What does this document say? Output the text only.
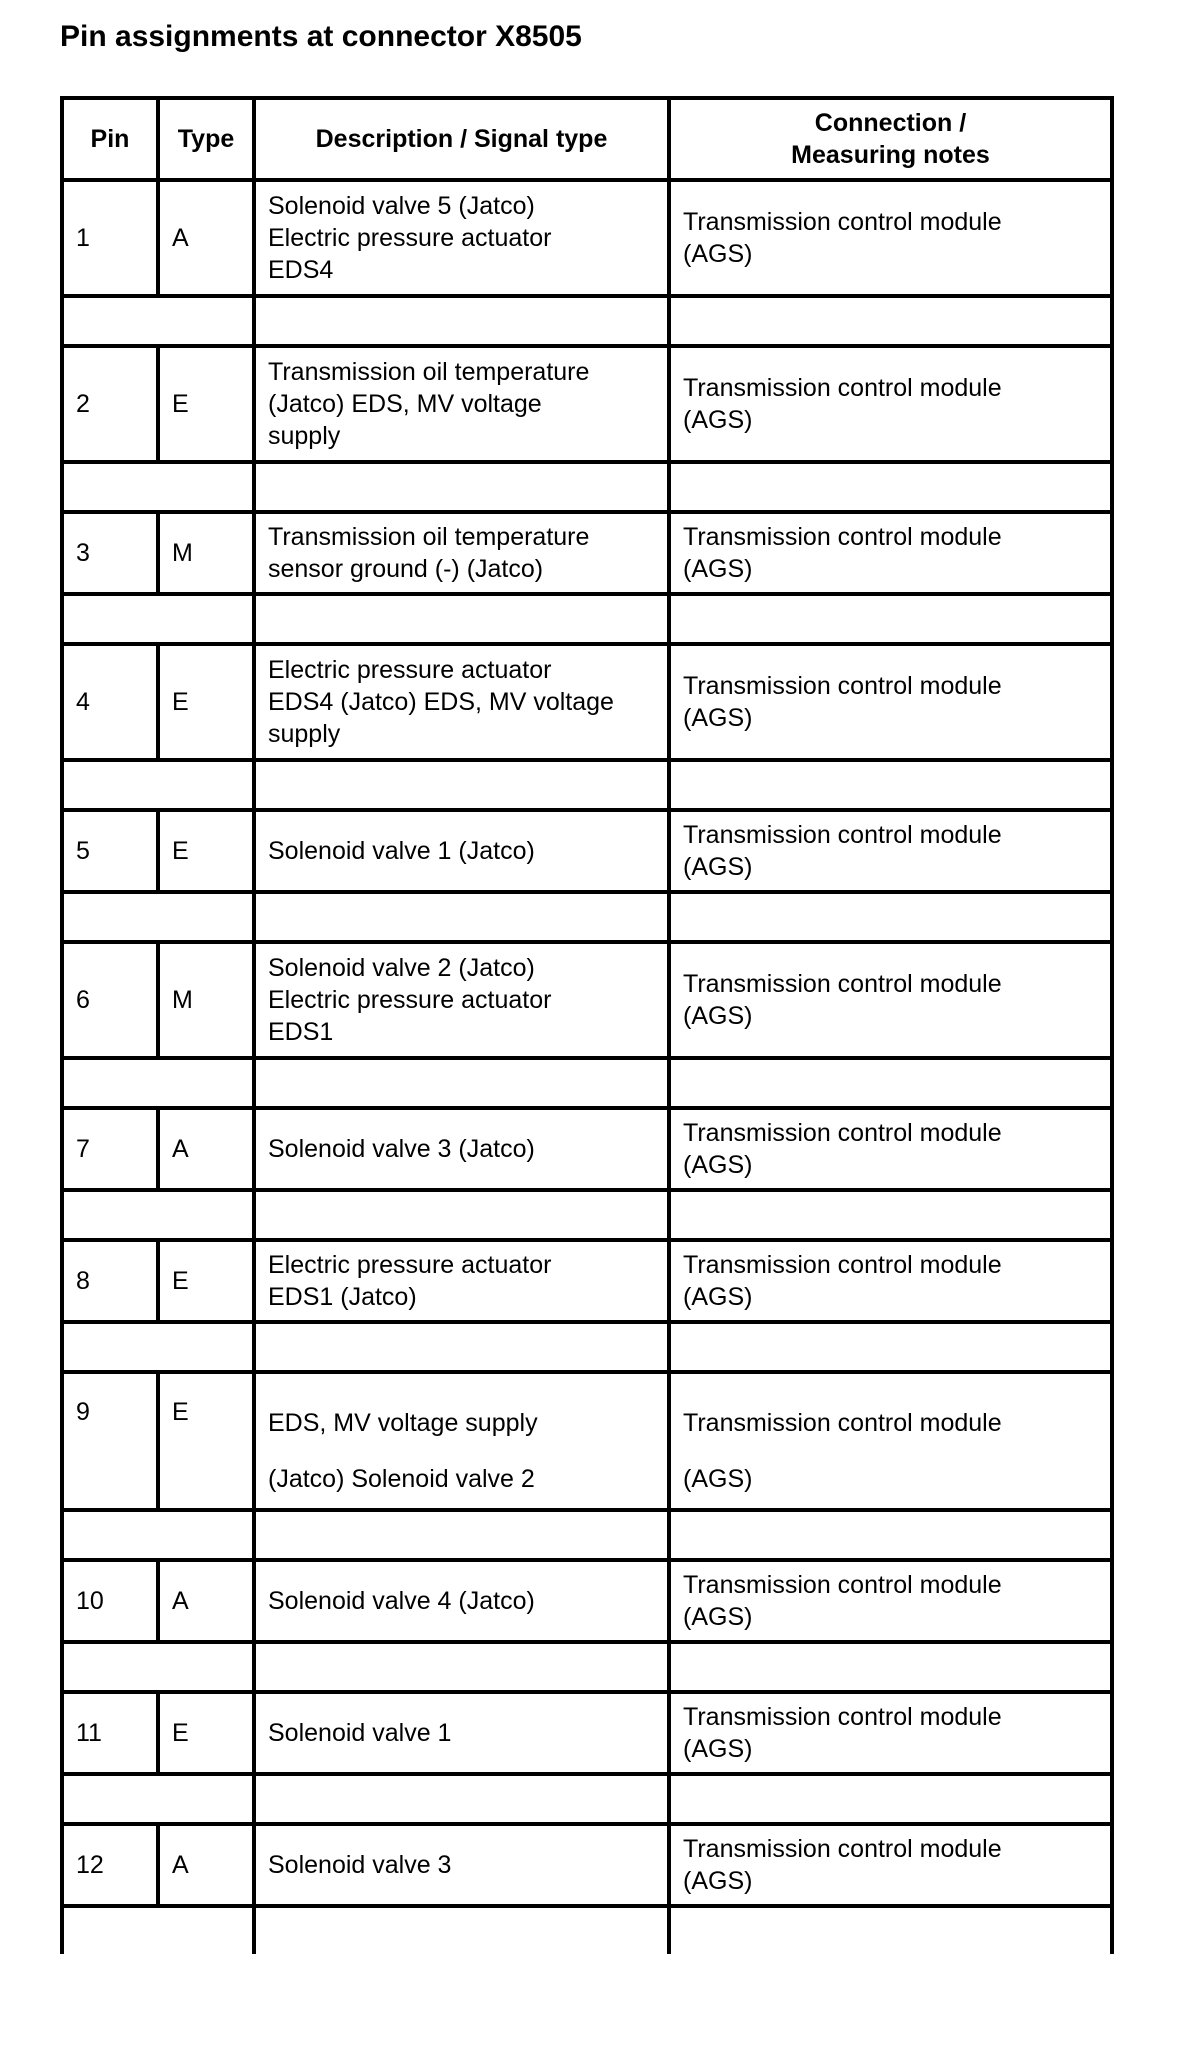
Pin assignments at connector X8505
Pin	Type	Description / Signal type	Connection /
Measuring notes
1	A	Solenoid valve 5 (Jatco)
Electric pressure actuator
EDS4	Transmission control module
(AGS)

2	E	Transmission oil temperature
(Jatco) EDS, MV voltage
supply	Transmission control module
(AGS)

3	M	Transmission oil temperature
sensor ground (-) (Jatco)	Transmission control module
(AGS)

4	E	Electric pressure actuator
EDS4 (Jatco) EDS, MV voltage
supply	Transmission control module
(AGS)

5	E	Solenoid valve 1 (Jatco)	Transmission control module
(AGS)

6	M	Solenoid valve 2 (Jatco)
Electric pressure actuator
EDS1	Transmission control module
(AGS)

7	A	Solenoid valve 3 (Jatco)	Transmission control module
(AGS)

8	E	Electric pressure actuator
EDS1 (Jatco)	Transmission control module
(AGS)

9	E	EDS, MV voltage supply
(Jatco) Solenoid valve 2	Transmission control module
(AGS)

10	A	Solenoid valve 4 (Jatco)	Transmission control module
(AGS)

11	E	Solenoid valve 1	Transmission control module
(AGS)

12	A	Solenoid valve 3	Transmission control module
(AGS)
